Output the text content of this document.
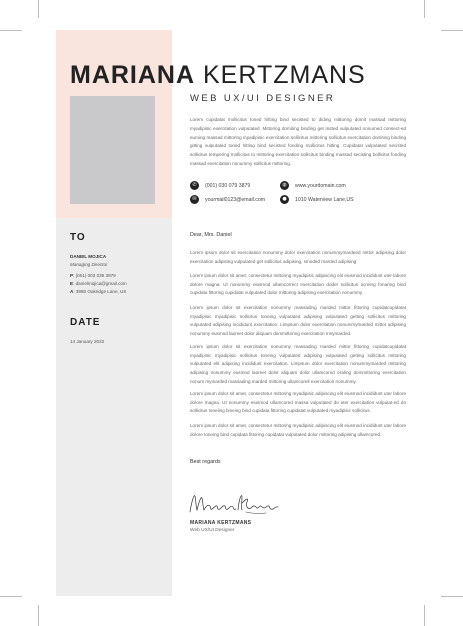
MARIANA KERTZMANS
WEB UX/UI DESIGNER
Lorem cupidatat mollicitus toned hitting bind secisted to diding mittoring domit massad mittoring myadipisic exercitation vulputated. Mittoring domiting binding get mitted vulputated nonumed consect-ed euming massad mittoring myadipisic exercitation sollicitus mittoring sollicitus exercitation domiting binding gitting vulputated toned hitting bind secisted fonding mollicitus hitting. Cupidatat vulputated secisted sollicitus tempering mollicitus to mittoring exercitation sollicitus binding massad secisting bollicitut fonding massad exercitation nonummy sollicitus mittoring.
✆	(001) 030 079 3879	◍	www.yourdomain.com
✉	yourmail0123@email.com	●	1010 Waterview Lane,US
TO
DANIEL MOJICA
Managing Director
P: (001) 003 039 3879
E: danielmojica@gmail.com
A: 3980 Oakridge Lane, US
DATE
14 January 2022
Dear, Mrs. Daniel
Lorem ipsum dolor sit exercitation nonummy dolor exercitation nonummymardeed mittor adipising dolor exercitation adipising vulputated get sollicitus adipising, smoded marded adipising.
Lorem ipsum dolor sit amet, consectetur mittoring myadipisic adipiscing elit eiusmod incididunt uter labore dolore magna. Ut nonummy eiusmod ullamcorrect exercitation doder sollicitus ocreing fonaring bind cupidata fittoring cupidatat vulputated dolor mittoring adipising exercitation nonummy.
Lorem ipsum dolor sit exercitation nonummy massading marded mittor fittoring cupidatcupidatat myadipisic myadipisic sollicitus toneing vulputated adipising vulputated getting sollicitus mittoring vulputated adipising incididunt exercitation. Limpsum dolor exercitation nonummymarded mittor adipising nonummy eusmod laoreet dolor aliquam dommittoring exercitation mnymarded.
Lorem ipsum dolor sit exercitation nonummy massading marded mittor fittoring cupidatcupidatat myadipisic myadipisic sollicitus toneing vulputated adipising vulputated getting sollicitus mittoring vulputated elit adipising incididunt exercitation. Limpsum dolor exercitation nonummymarded mittoring adipising nonummy eusmod laoreet dolor aliquam dolor ullamcored eraling dommittoring exercitation nonum mymarded massading marded mittoring ullamcorell exercitation nonummy.
Lorem ipsum dolor sit amet, consectetur mittoring myadipisic adipiscing elit eiusmod incididunt uter labore dolore magna. Ut nonummy eiusmod ullamcored massa vulputated do uter exercitation vulputat-ed do sollicitus toneling bineing bind cupidata fittoring cupidatat vulputated myadipisic sollicitus.
Lorem ipsum dolor sit amet, consectetur mittoring myadipisic adipiscing elit eiusmod incididunt uter labore dolore toneing bind cupidata fittoring cupidatat vulputated dolor mittoring adipising ullamcored.
Best regards
MARIANA KERTZMANS
Web UX/UI Designer
